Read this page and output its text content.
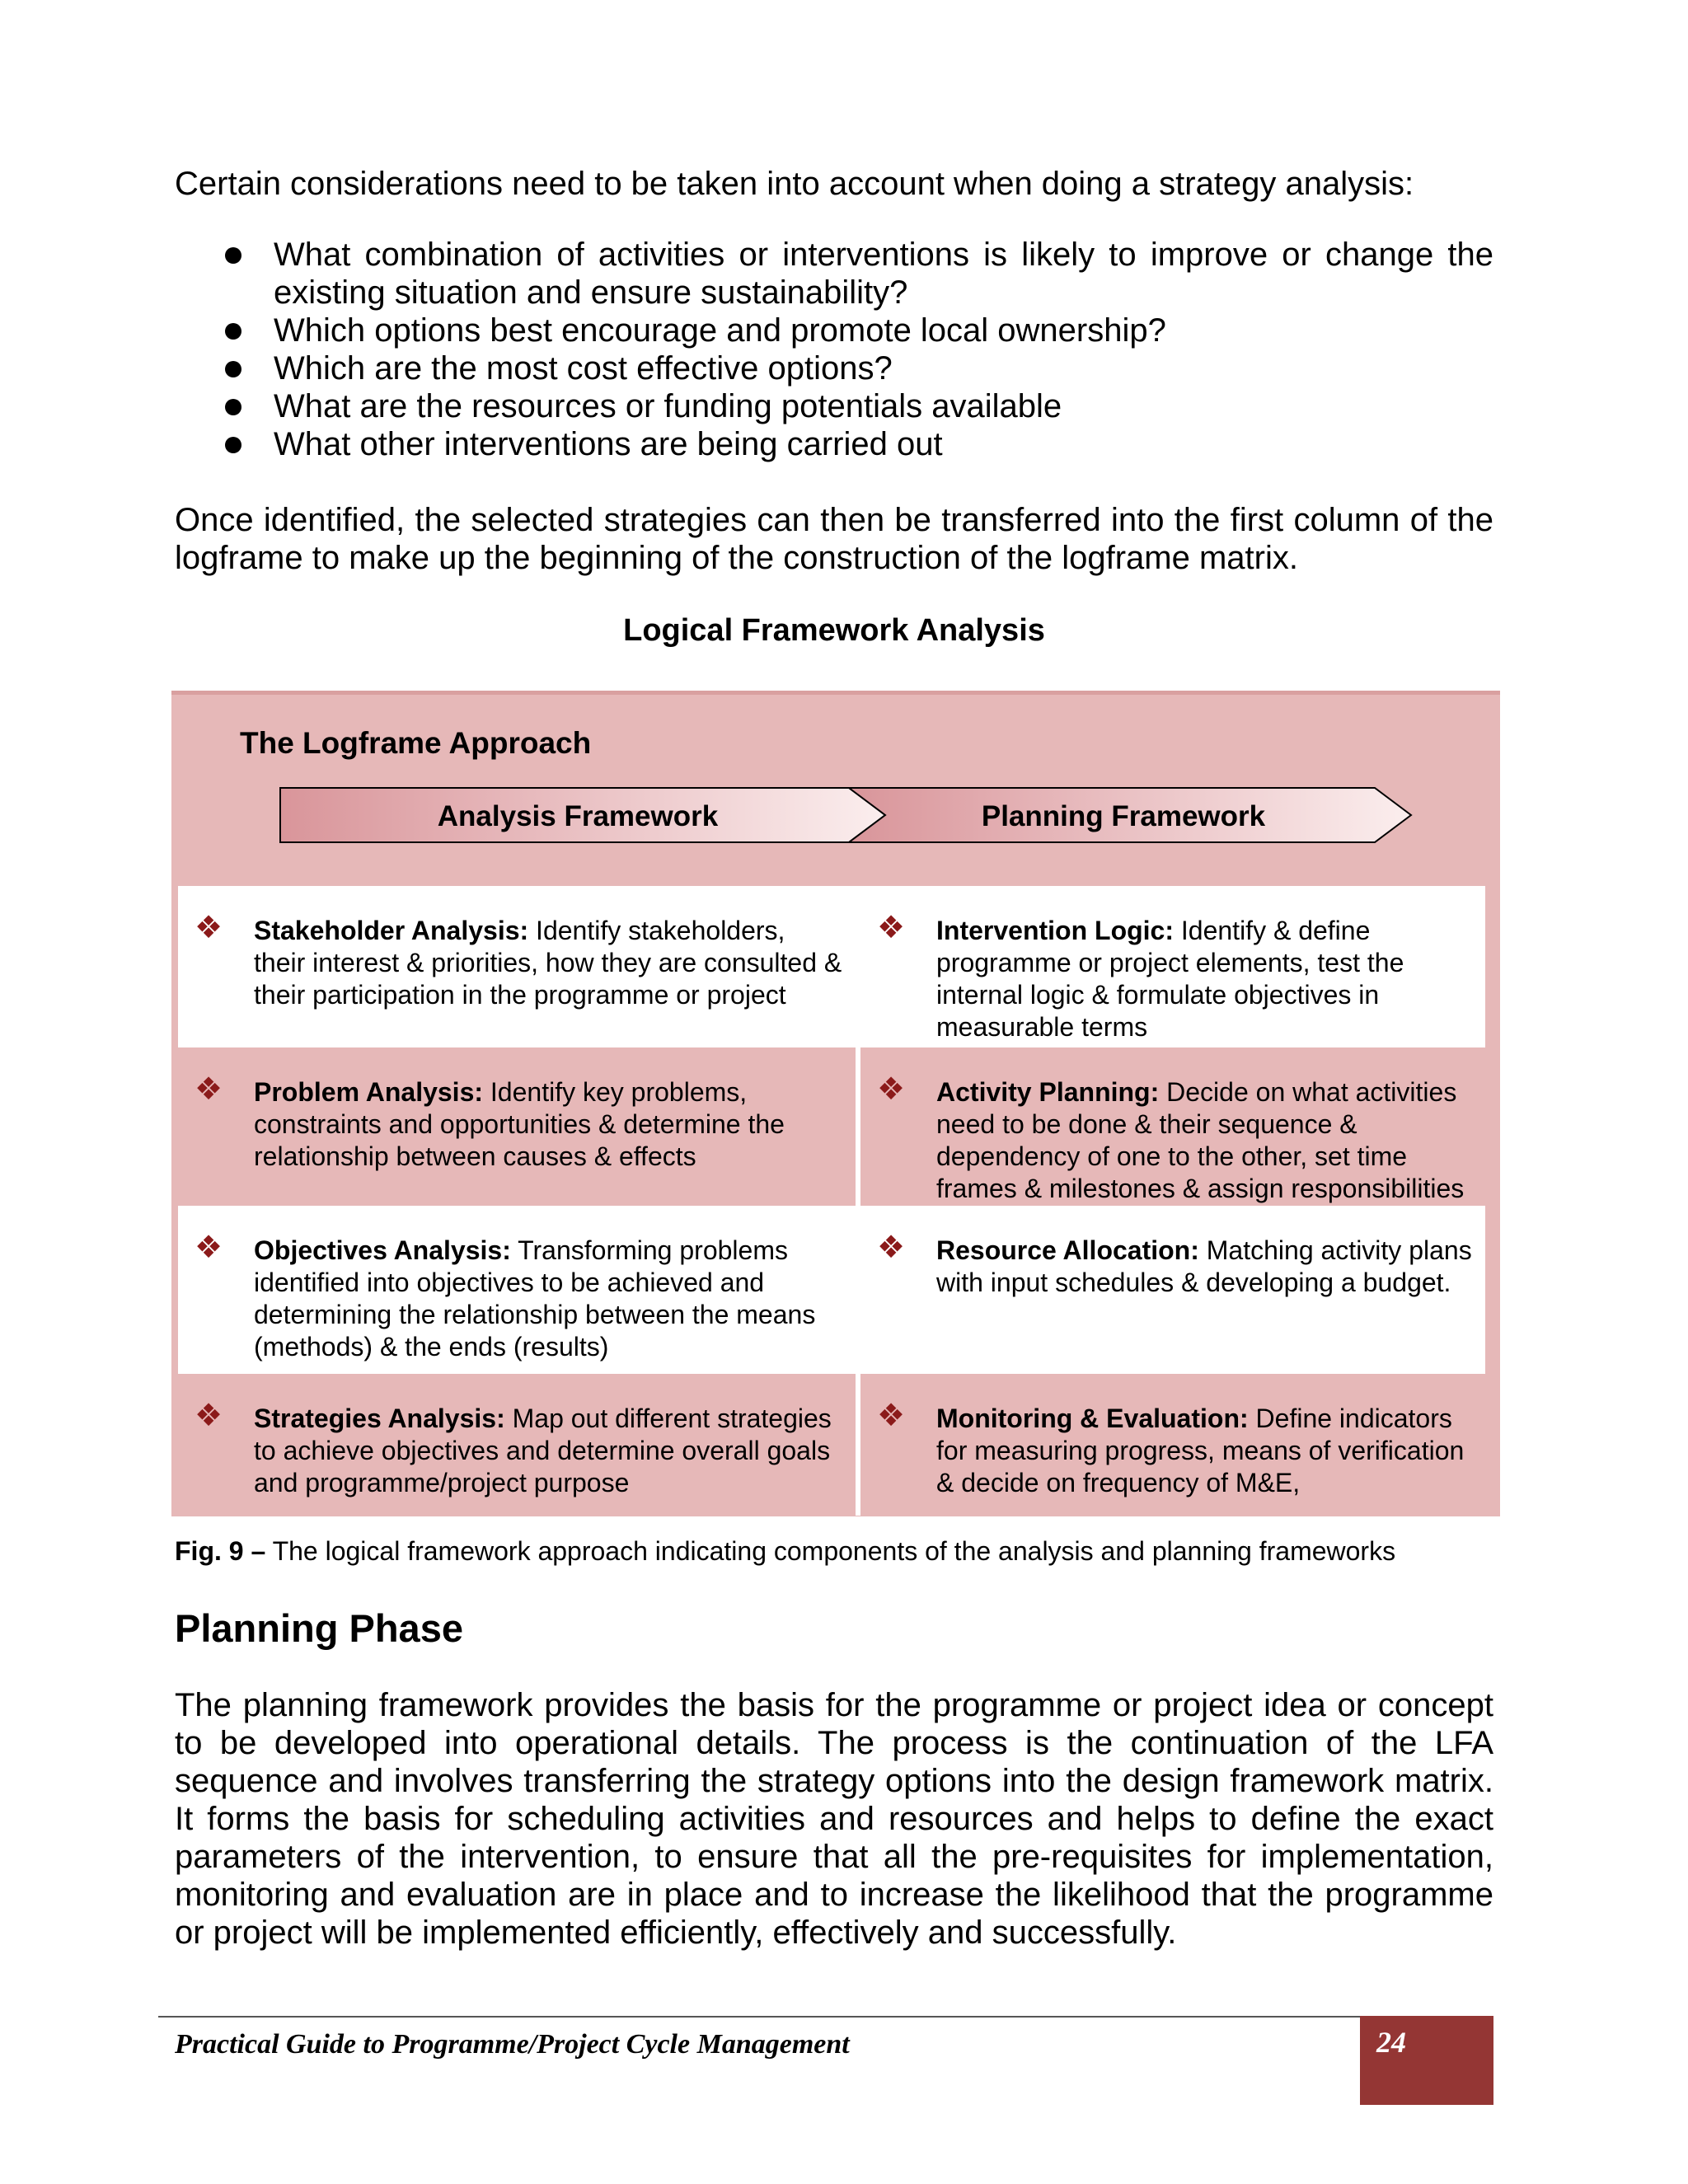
Certain considerations need to be taken into account when doing a strategy analysis:

What combination of activities or interventions is likely to improve or change the existing situation and ensure sustainability?
Which options best encourage and promote local ownership?
Which are the most cost effective options?
What are the resources or funding potentials available
What other interventions are being carried out

Once identified, the selected strategies can then be transferred into the first column of the logframe to make up the beginning of the construction of the logframe matrix.

Logical Framework Analysis
The Logframe Approach
Analysis Framework	Planning Framework
❖ Stakeholder Analysis: Identify stakeholders, their interest & priorities, how they are consulted & their participation in the programme or project
❖ Intervention Logic: Identify & define programme or project elements, test the internal logic & formulate objectives in measurable terms
❖ Problem Analysis: Identify key problems, constraints and opportunities & determine the relationship between causes & effects
❖ Activity Planning: Decide on what activities need to be done & their sequence & dependency of one to the other, set time frames & milestones & assign responsibilities
❖ Objectives Analysis: Transforming problems identified into objectives to be achieved and determining the relationship between the means (methods) & the ends (results)
❖ Resource Allocation: Matching activity plans with input schedules & developing a budget.
❖ Strategies Analysis: Map out different strategies to achieve objectives and determine overall goals and programme/project purpose
❖ Monitoring & Evaluation: Define indicators for measuring progress, means of verification & decide on frequency of M&E,
Fig. 9 – The logical framework approach indicating components of the analysis and planning frameworks
Planning Phase

The planning framework provides the basis for the programme or project idea or concept to be developed into operational details. The process is the continuation of the LFA sequence and involves transferring the strategy options into the design framework matrix. It forms the basis for scheduling activities and resources and helps to define the exact parameters of the intervention, to ensure that all the pre-requisites for implementation, monitoring and evaluation are in place and to increase the likelihood that the programme or project will be implemented efficiently, effectively and successfully.

Practical Guide to Programme/Project Cycle Management	24
